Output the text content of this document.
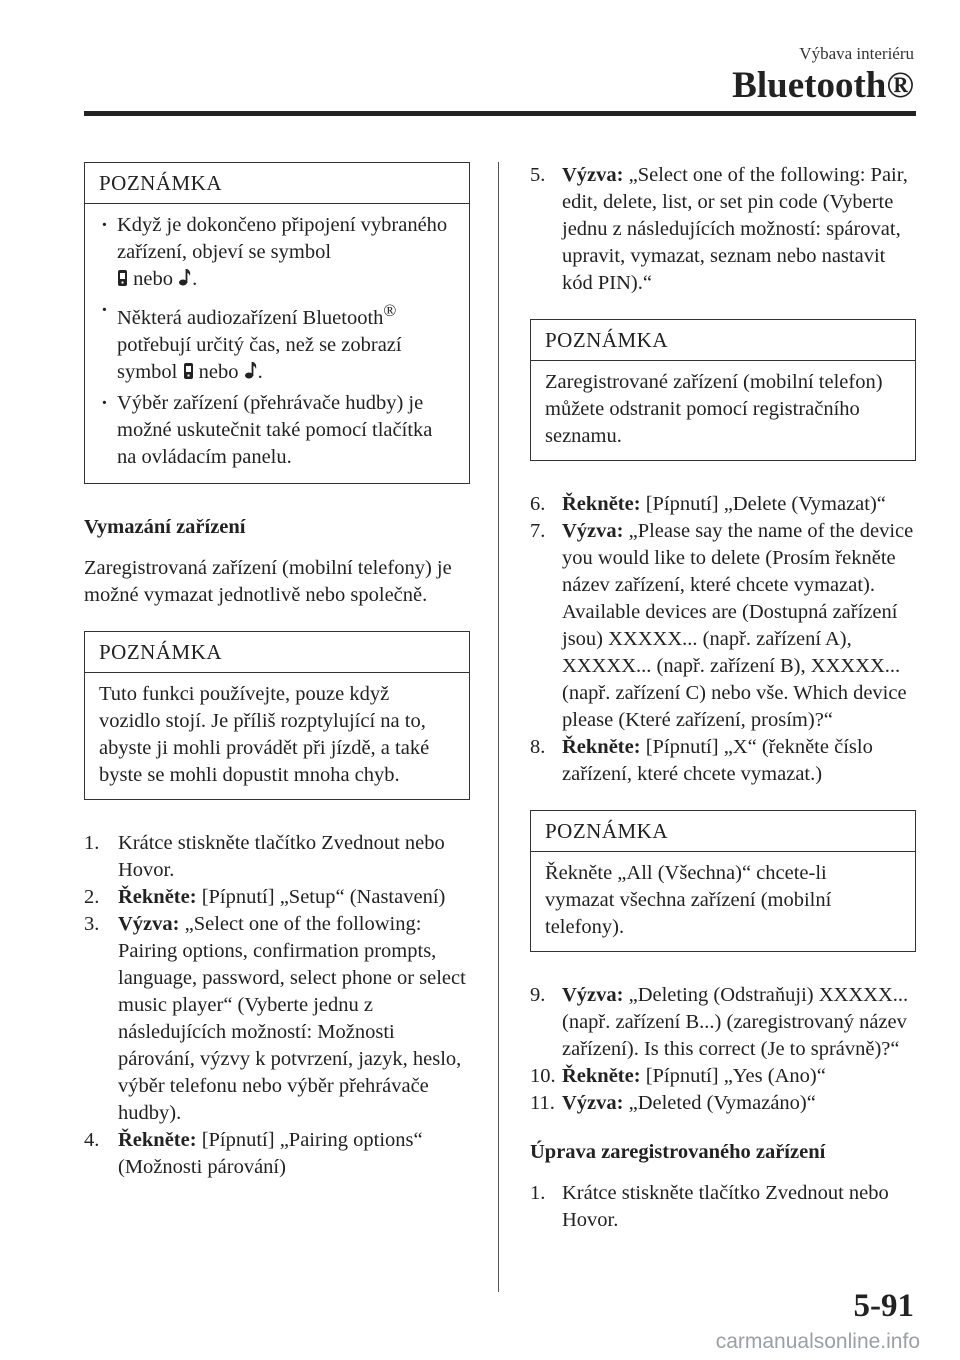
Výbava interiéru
Bluetooth®
POZNÁMKA
· Když je dokončeno připojení vybraného zařízení, objeví se symbol
nebo .
· Některá audiozařízení Bluetooth® potřebují určitý čas, než se zobrazí symbol nebo .
· Výběr zařízení (přehrávače hudby) je možné uskutečnit také pomocí tlačítka na ovládacím panelu.
Vymazání zařízení
Zaregistrovaná zařízení (mobilní telefony) je možné vymazat jednotlivě nebo společně.
POZNÁMKA
Tuto funkci používejte, pouze když vozidlo stojí. Je příliš rozptylující na to, abyste ji mohli provádět při jízdě, a také byste se mohli dopustit mnoha chyb.

1. Krátce stiskněte tlačítko Zvednout nebo Hovor.

2. Řekněte: [Pípnutí] „Setup“ (Nastavení)

3. Výzva: „Select one of the following: Pairing options, confirmation prompts, language, password, select phone or select music player“ (Vyberte jednu z následujících možností: Možnosti párování, výzvy k potvrzení, jazyk, heslo, výběr telefonu nebo výběr přehrávače hudby).

4. Řekněte: [Pípnutí] „Pairing options“ (Možnosti párování)

5. Výzva: „Select one of the following: Pair, edit, delete, list, or set pin code (Vyberte jednu z následujících možností: spárovat, upravit, vymazat, seznam nebo nastavit kód PIN).“

POZNÁMKA
Zaregistrované zařízení (mobilní telefon) můžete odstranit pomocí registračního seznamu.

6. Řekněte: [Pípnutí] „Delete (Vymazat)“

7. Výzva: „Please say the name of the device you would like to delete (Prosím řekněte název zařízení, které chcete vymazat). Available devices are (Dostupná zařízení jsou) XXXXX... (např. zařízení A), XXXXX... (např. zařízení B), XXXXX... (např. zařízení C) nebo vše. Which device please (Které zařízení, prosím)?“

8. Řekněte: [Pípnutí] „X“ (řekněte číslo zařízení, které chcete vymazat.)

POZNÁMKA
Řekněte „All (Všechna)“ chcete-li vymazat všechna zařízení (mobilní telefony).

9. Výzva: „Deleting (Odstraňuji) XXXXX... (např. zařízení B...) (zaregistrovaný název zařízení). Is this correct (Je to správně)?“

10. Řekněte: [Pípnutí] „Yes (Ano)“

11. Výzva: „Deleted (Vymazáno)“

Úprava zaregistrovaného zařízení

1. Krátce stiskněte tlačítko Zvednout nebo Hovor.

5-91
carmanualsonline.info
